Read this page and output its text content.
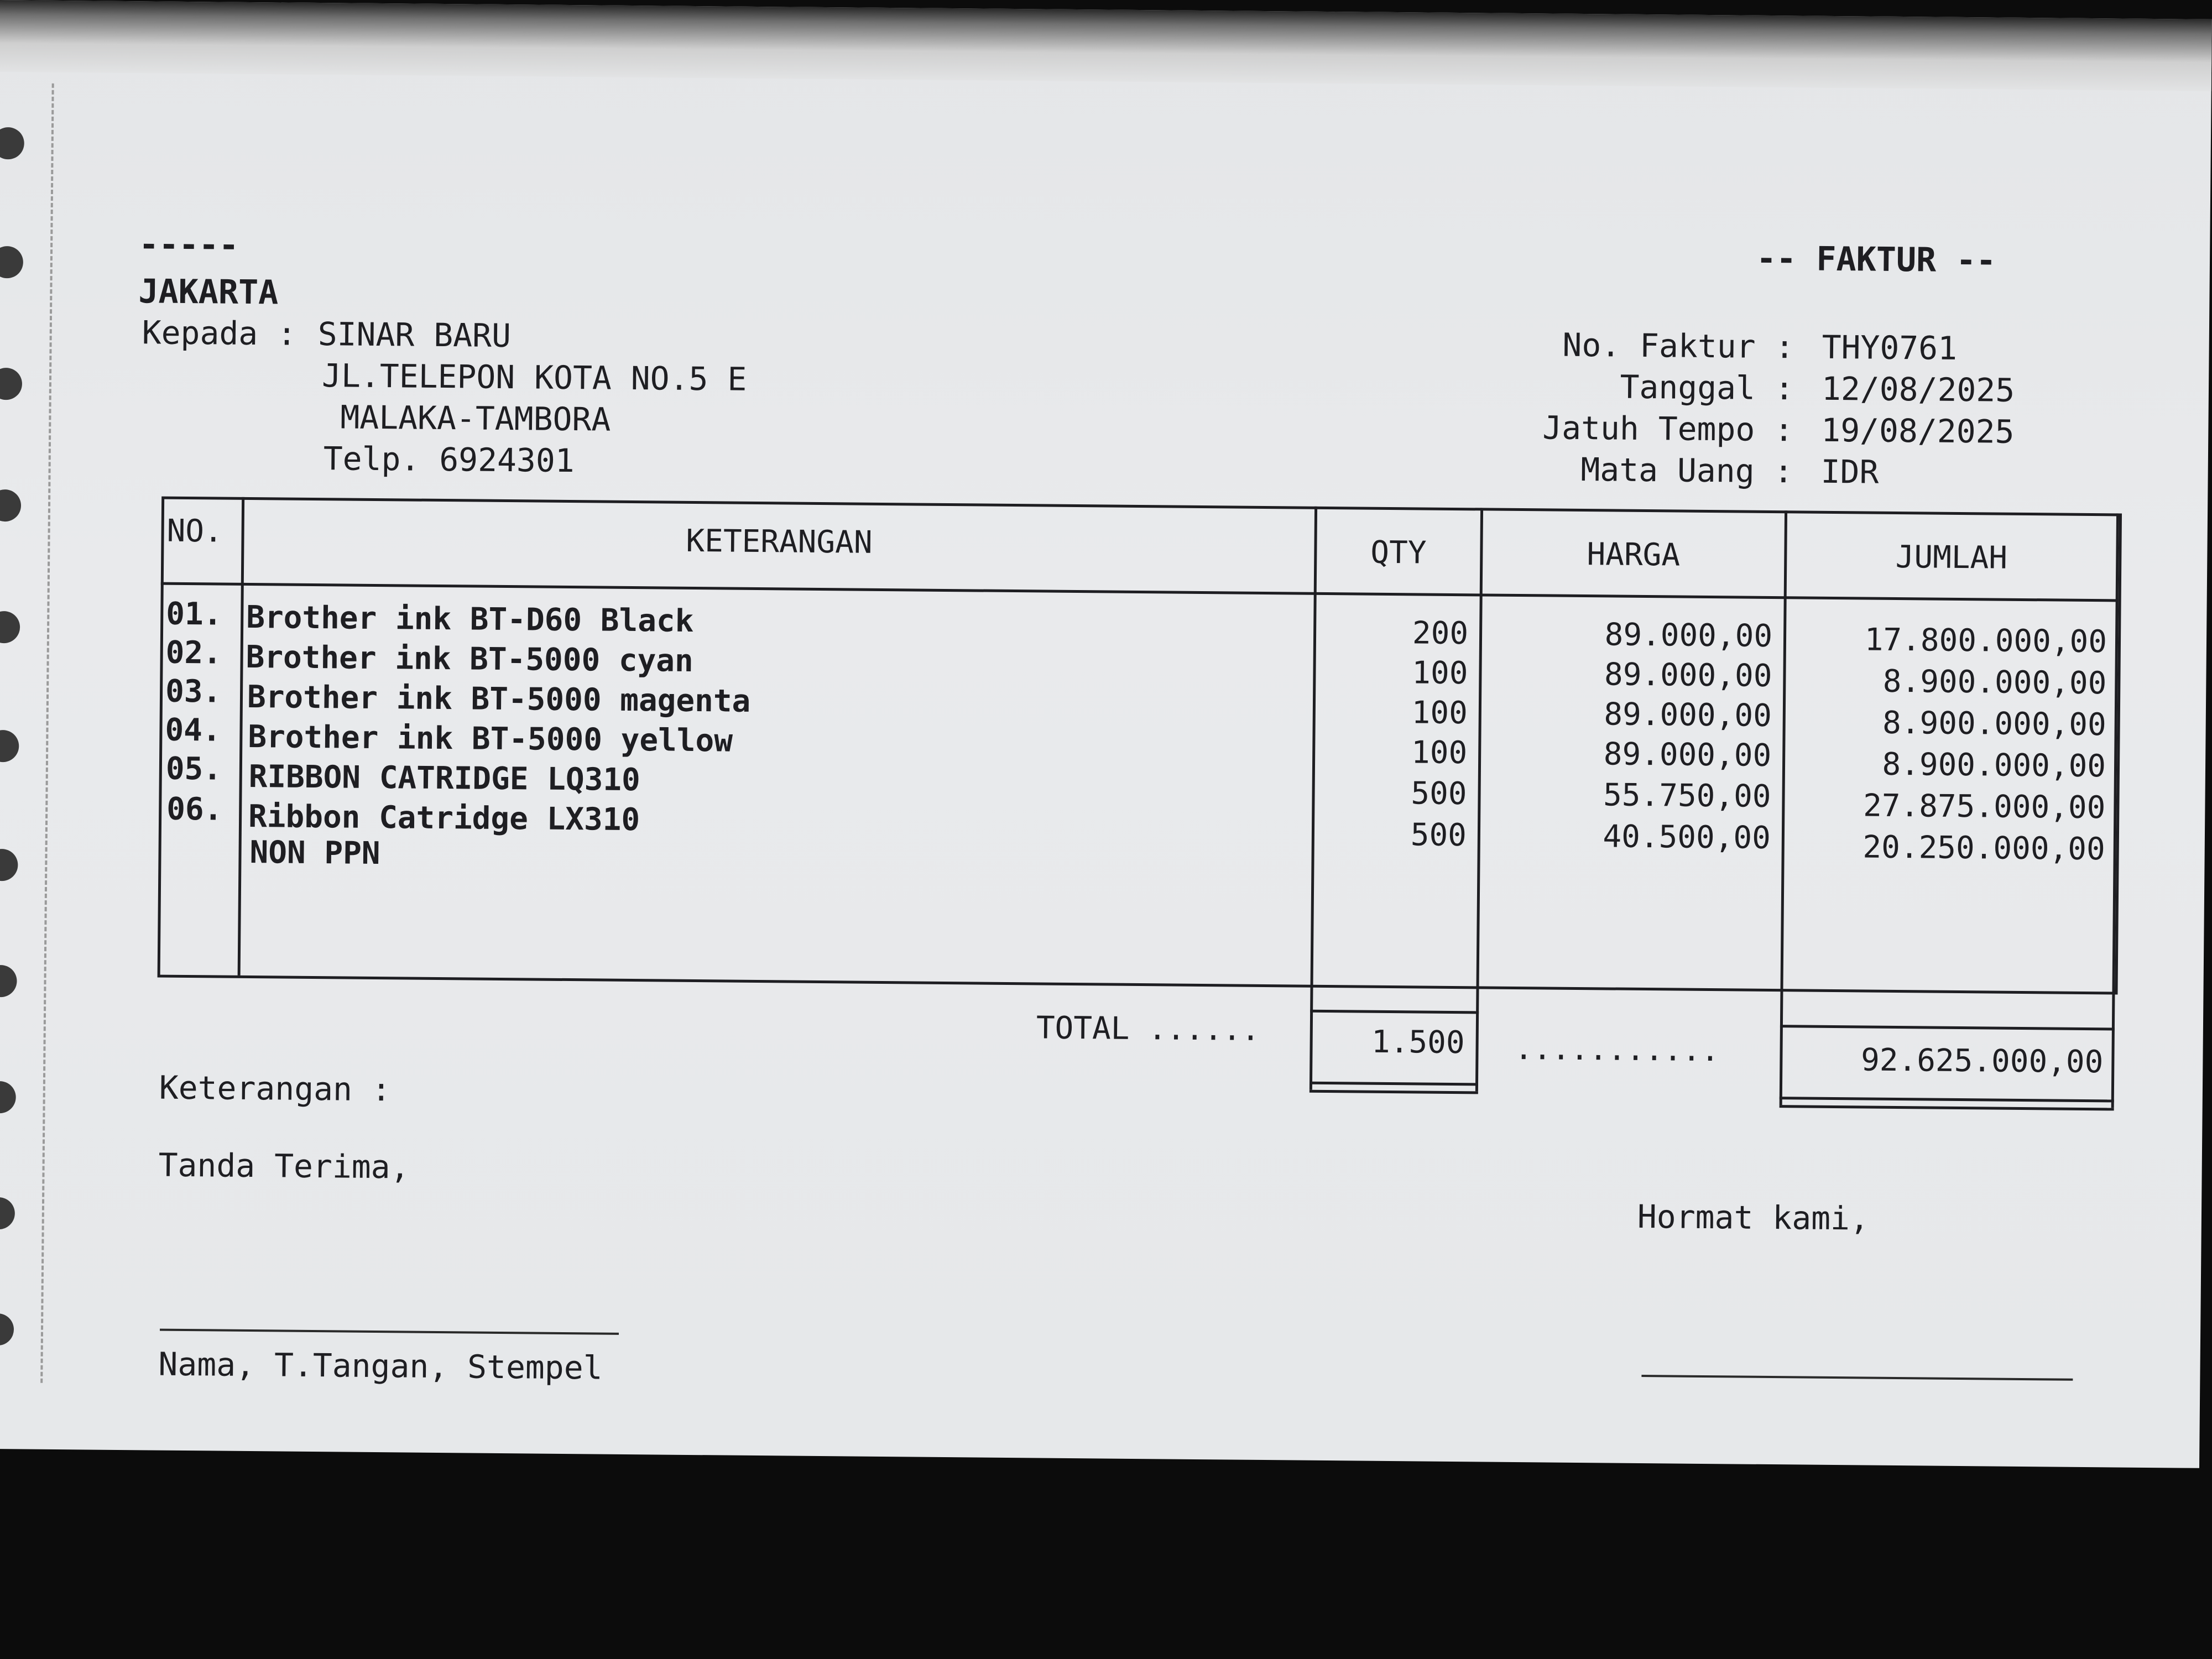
-----
JAKARTA
Kepada : SINAR BARU
JL.TELEPON KOTA NO.5 E
MALAKA-TAMBORA
Telp. 6924301
-- FAKTUR --
No. Faktur : THY0761
Tanggal : 12/08/2025
Jatuh Tempo : 19/08/2025
Mata Uang : IDR
NO.	KETERANGAN	QTY	HARGA	JUMLAH
01. Brother ink BT-D60 Black	200	89.000,00	17.800.000,00
02. Brother ink BT-5000 cyan	100	89.000,00	8.900.000,00
03. Brother ink BT-5000 magenta	100	89.000,00	8.900.000,00
04. Brother ink BT-5000 yellow	100	89.000,00	8.900.000,00
05. RIBBON CATRIDGE LQ310	500	55.750,00	27.875.000,00
06. Ribbon Catridge LX310	500	40.500,00	20.250.000,00
NON PPN
TOTAL ......	1.500 ...........	92.625.000,00
Keterangan :
Tanda Terima,
Hormat kami,
Nama, T.Tangan, Stempel
